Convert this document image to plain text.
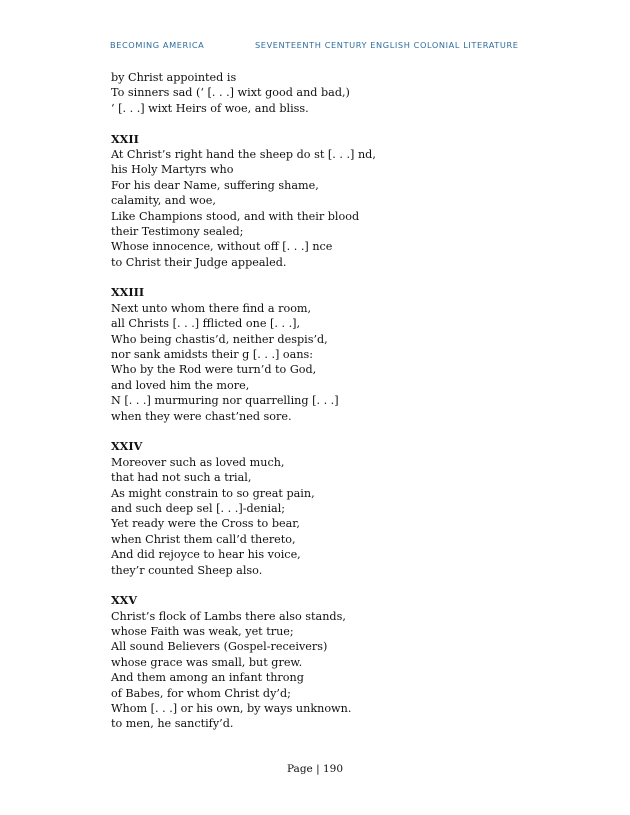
BECOMING AMERICA	SEVENTEENTH CENTURY ENGLISH COLONIAL LITERATURE
by Christ appointed is
To sinners sad (‘ [. . .] wixt good and bad,)
‘ [. . .] wixt Heirs of woe, and bliss.
XXII
At Christ’s right hand the sheep do st [. . .] nd,
his Holy Martyrs who
For his dear Name, suffering shame,
calamity, and woe,
Like Champions stood, and with their blood
their Testimony sealed;
Whose innocence, without off [. . .] nce
to Christ their Judge appealed.
XXIII
Next unto whom there find a room,
all Christs [. . .] fflicted one [. . .],
Who being chastis’d, neither despis’d,
nor sank amidsts their g [. . .] oans:
Who by the Rod were turn’d to God,
and loved him the more,
N [. . .] murmuring nor quarrelling [. . .]
when they were chast’ned sore.
XXIV
Moreover such as loved much,
that had not such a trial,
As might constrain to so great pain,
and such deep sel [. . .]-denial;
Yet ready were the Cross to bear,
when Christ them call’d thereto,
And did rejoyce to hear his voice,
they’r counted Sheep also.
XXV
Christ’s flock of Lambs there also stands,
whose Faith was weak, yet true;
All sound Believers (Gospel-receivers)
whose grace was small, but grew.
And them among an infant throng
of Babes, for whom Christ dy’d;
Whom [. . .] or his own, by ways unknown.
to men, he sanctify’d.
Page | 190
